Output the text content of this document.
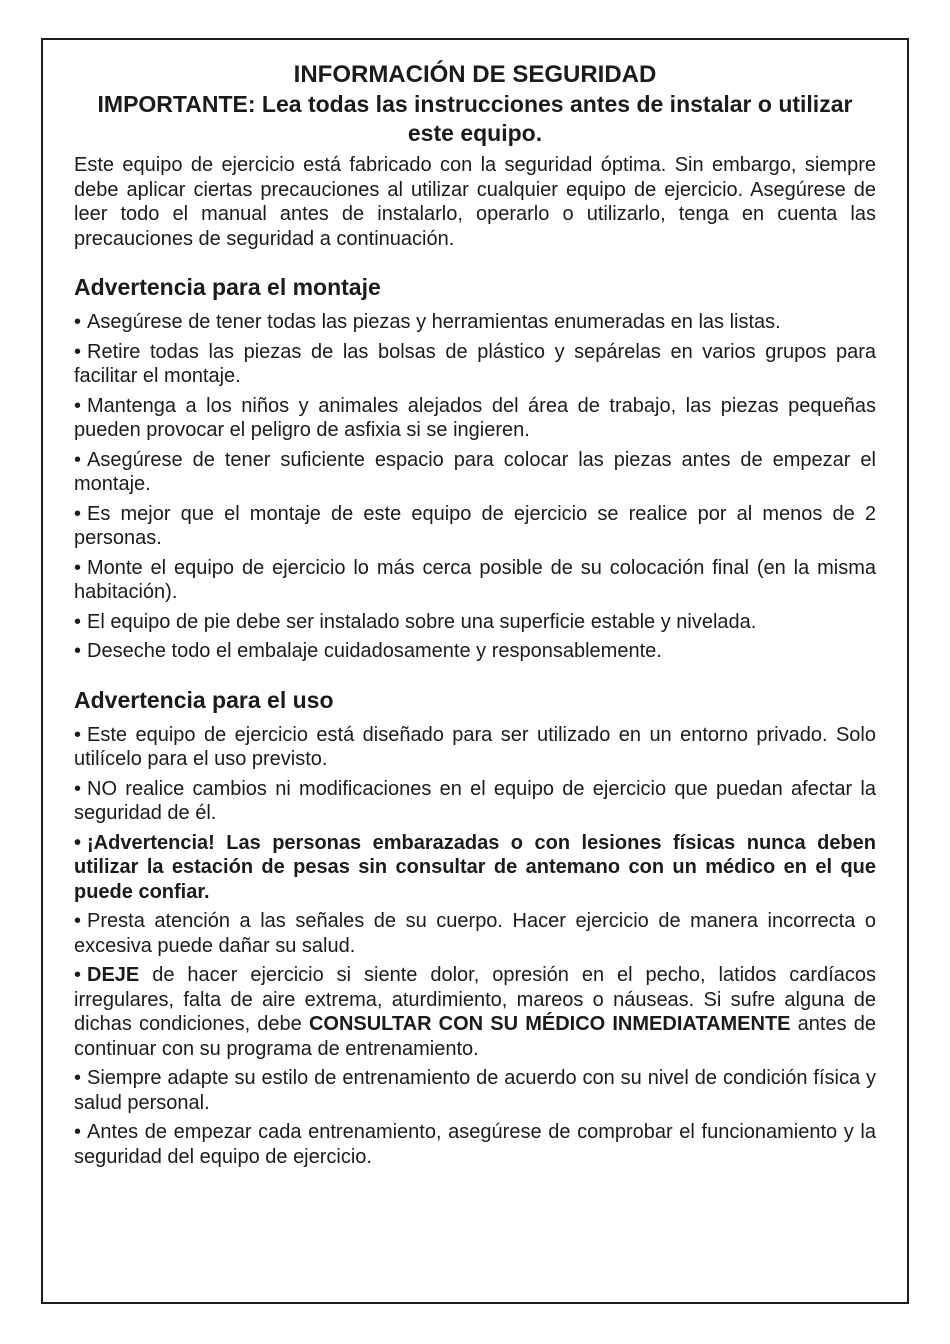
INFORMACIÓN DE SEGURIDAD
IMPORTANTE: Lea todas las instrucciones antes de instalar o utilizar este equipo.

Este equipo de ejercicio está fabricado con la seguridad óptima. Sin embargo, siempre debe aplicar ciertas precauciones al utilizar cualquier equipo de ejercicio. Asegúrese de leer todo el manual antes de instalarlo, operarlo o utilizarlo, tenga en cuenta las precauciones de seguridad a continuación.

Advertencia para el montaje

• Asegúrese de tener todas las piezas y herramientas enumeradas en las listas.

• Retire todas las piezas de las bolsas de plástico y sepárelas en varios grupos para facilitar el montaje.

• Mantenga a los niños y animales alejados del área de trabajo, las piezas pequeñas pueden provocar el peligro de asfixia si se ingieren.

• Asegúrese de tener suficiente espacio para colocar las piezas antes de empezar el montaje.

• Es mejor que el montaje de este equipo de ejercicio se realice por al menos de 2 personas.

• Monte el equipo de ejercicio lo más cerca posible de su colocación final (en la misma habitación).

• El equipo de pie debe ser instalado sobre una superficie estable y nivelada.

• Deseche todo el embalaje cuidadosamente y responsablemente.

Advertencia para el uso

• Este equipo de ejercicio está diseñado para ser utilizado en un entorno privado. Solo utilícelo para el uso previsto.

• NO realice cambios ni modificaciones en el equipo de ejercicio que puedan afectar la seguridad de él.

• ¡Advertencia! Las personas embarazadas o con lesiones físicas nunca deben utilizar la estación de pesas sin consultar de antemano con un médico en el que puede confiar.

• Presta atención a las señales de su cuerpo. Hacer ejercicio de manera incorrecta o excesiva puede dañar su salud.

• DEJE de hacer ejercicio si siente dolor, opresión en el pecho, latidos cardíacos irregulares, falta de aire extrema, aturdimiento, mareos o náuseas. Si sufre alguna de dichas condiciones, debe CONSULTAR CON SU MÉDICO INMEDIATAMENTE antes de continuar con su programa de entrenamiento.

• Siempre adapte su estilo de entrenamiento de acuerdo con su nivel de condición física y salud personal.

• Antes de empezar cada entrenamiento, asegúrese de comprobar el funcionamiento y la seguridad del equipo de ejercicio.
